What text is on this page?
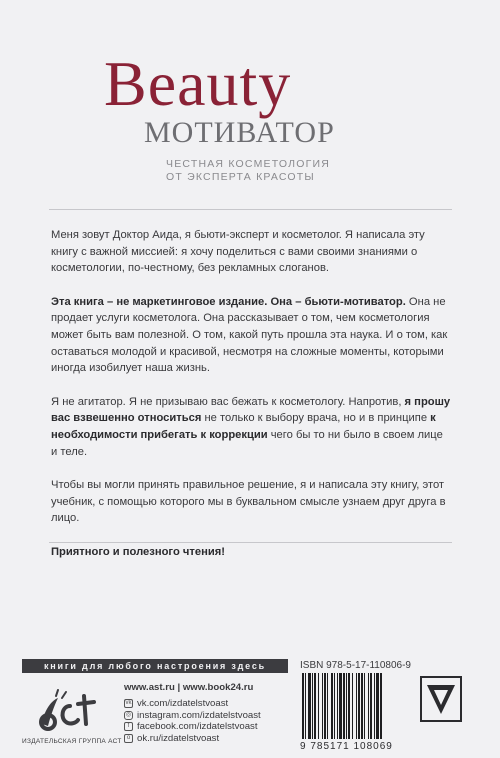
Beauty
МОТИВАТОР
ЧЕСТНАЯ КОСМЕТОЛОГИЯ
ОТ ЭКСПЕРТА КРАСОТЫ

Меня зовут Доктор Аида, я бьюти-эксперт и косметолог. Я написала эту книгу с важной миссией: я хочу поделиться с вами своими знаниями о косметологии, по-честному, без рекламных слоганов.

Эта книга – не маркетинговое издание. Она – бьюти-мотиватор. Она не продает услуги косметолога. Она рассказывает о том, чем косметология может быть вам полезной. О том, какой путь прошла эта наука. И о том, как оставаться молодой и красивой, несмотря на сложные моменты, которыми иногда изобилует наша жизнь.

Я не агитатор. Я не призываю вас бежать к косметологу. Напротив, я прошу вас взвешенно относиться не только к выбору врача, но и в принципе к необходимости прибегать к коррекции чего бы то ни было в своем лице и теле.

Чтобы вы могли принять правильное решение, я и написала эту книгу, этот учебник, с помощью которого мы в буквальном смысле узнаем друг друга в лицо.

Приятного и полезного чтения!

книги для любого настроения здесь
ИЗДАТЕЛЬСКАЯ ГРУППА АСТ
www.ast.ru | www.book24.ru
vk vk.com/izdatelstvoast
◎ instagram.com/izdatelstvoast
f facebook.com/izdatelstvoast
o ok.ru/izdatelstvoast
ISBN 978-5-17-110806-9
9 785171 108069
